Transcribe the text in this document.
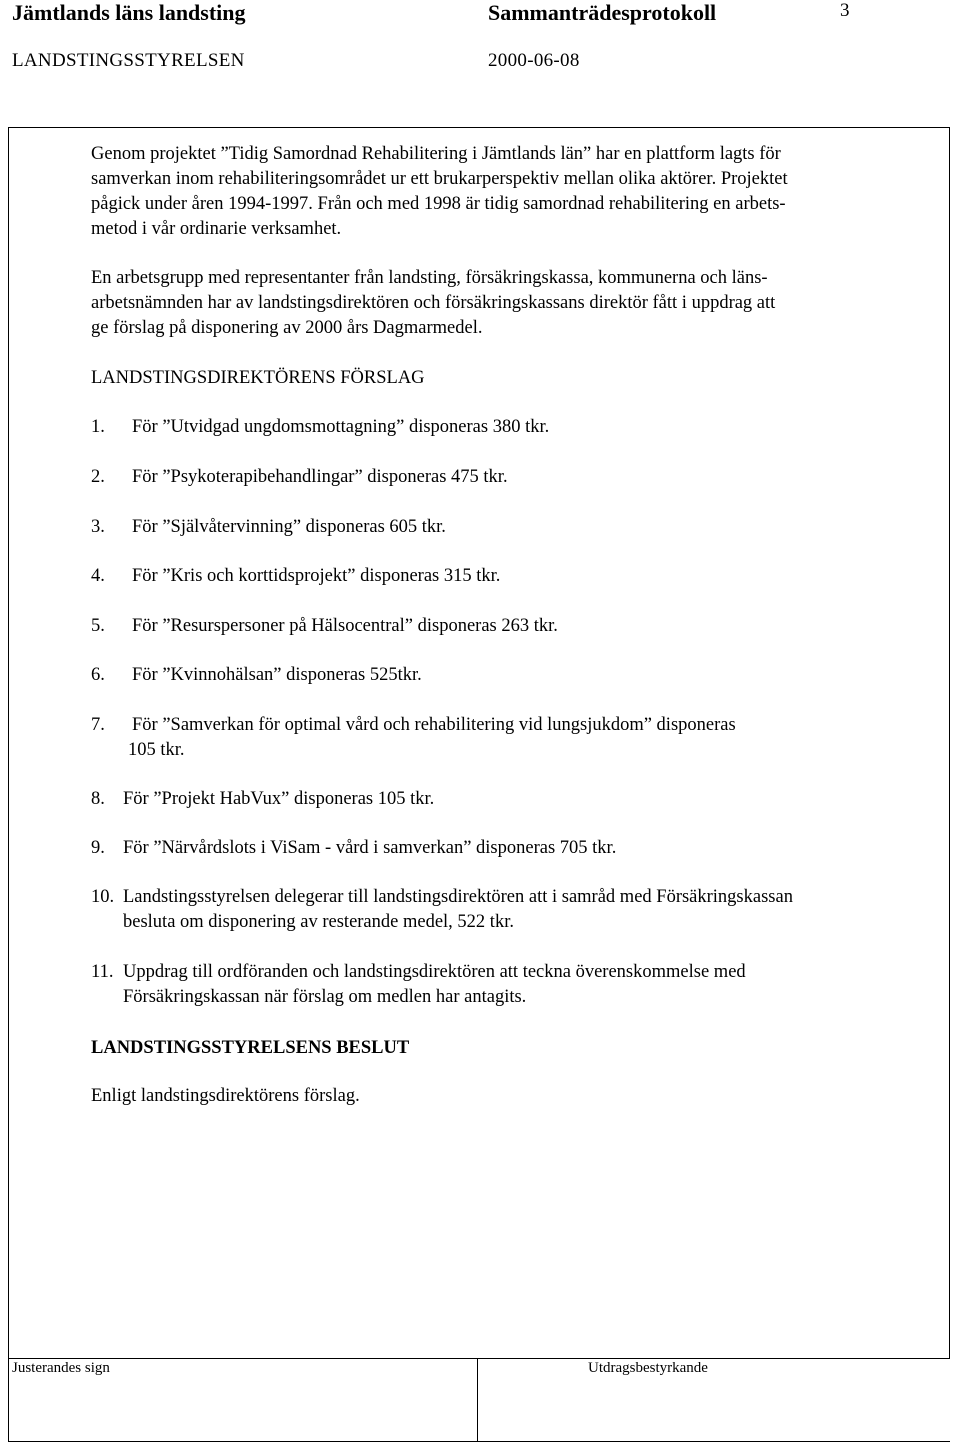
Jämtlands läns landsting	Sammanträdesprotokoll	3
LANDSTINGSSTYRELSEN	2000-06-08
Genom projektet ”Tidig Samordnad Rehabilitering i Jämtlands län” har en plattform lagts för
samverkan inom rehabiliteringsområdet ur ett brukarperspektiv mellan olika aktörer. Projektet
pågick under åren 1994-1997. Från och med 1998 är tidig samordnad rehabilitering en arbets-
metod i vår ordinarie verksamhet.
En arbetsgrupp med representanter från landsting, försäkringskassa, kommunerna och läns-
arbetsnämnden har av landstingsdirektören och försäkringskassans direktör fått i uppdrag att
ge förslag på disponering av 2000 års Dagmarmedel.
LANDSTINGSDIREKTÖRENS FÖRSLAG
1. För ”Utvidgad ungdomsmottagning” disponeras 380 tkr.
2. För ”Psykoterapibehandlingar” disponeras 475 tkr.
3. För ”Självåtervinning” disponeras 605 tkr.
4. För ”Kris och korttidsprojekt” disponeras 315 tkr.
5. För ”Resurspersoner på Hälsocentral” disponeras 263 tkr.
6. För ”Kvinnohälsan” disponeras 525tkr.
7. För ”Samverkan för optimal vård och rehabilitering vid lungsjukdom” disponeras
105 tkr.
8. För ”Projekt HabVux” disponeras 105 tkr.
9. För ”Närvårdslots i ViSam - vård i samverkan” disponeras 705 tkr.
10. Landstingsstyrelsen delegerar till landstingsdirektören att i samråd med Försäkringskassan
besluta om disponering av resterande medel, 522 tkr.
11. Uppdrag till ordföranden och landstingsdirektören att teckna överenskommelse med
Försäkringskassan när förslag om medlen har antagits.
LANDSTINGSSTYRELSENS BESLUT
Enligt landstingsdirektörens förslag.
Justerandes sign	Utdragsbestyrkande
